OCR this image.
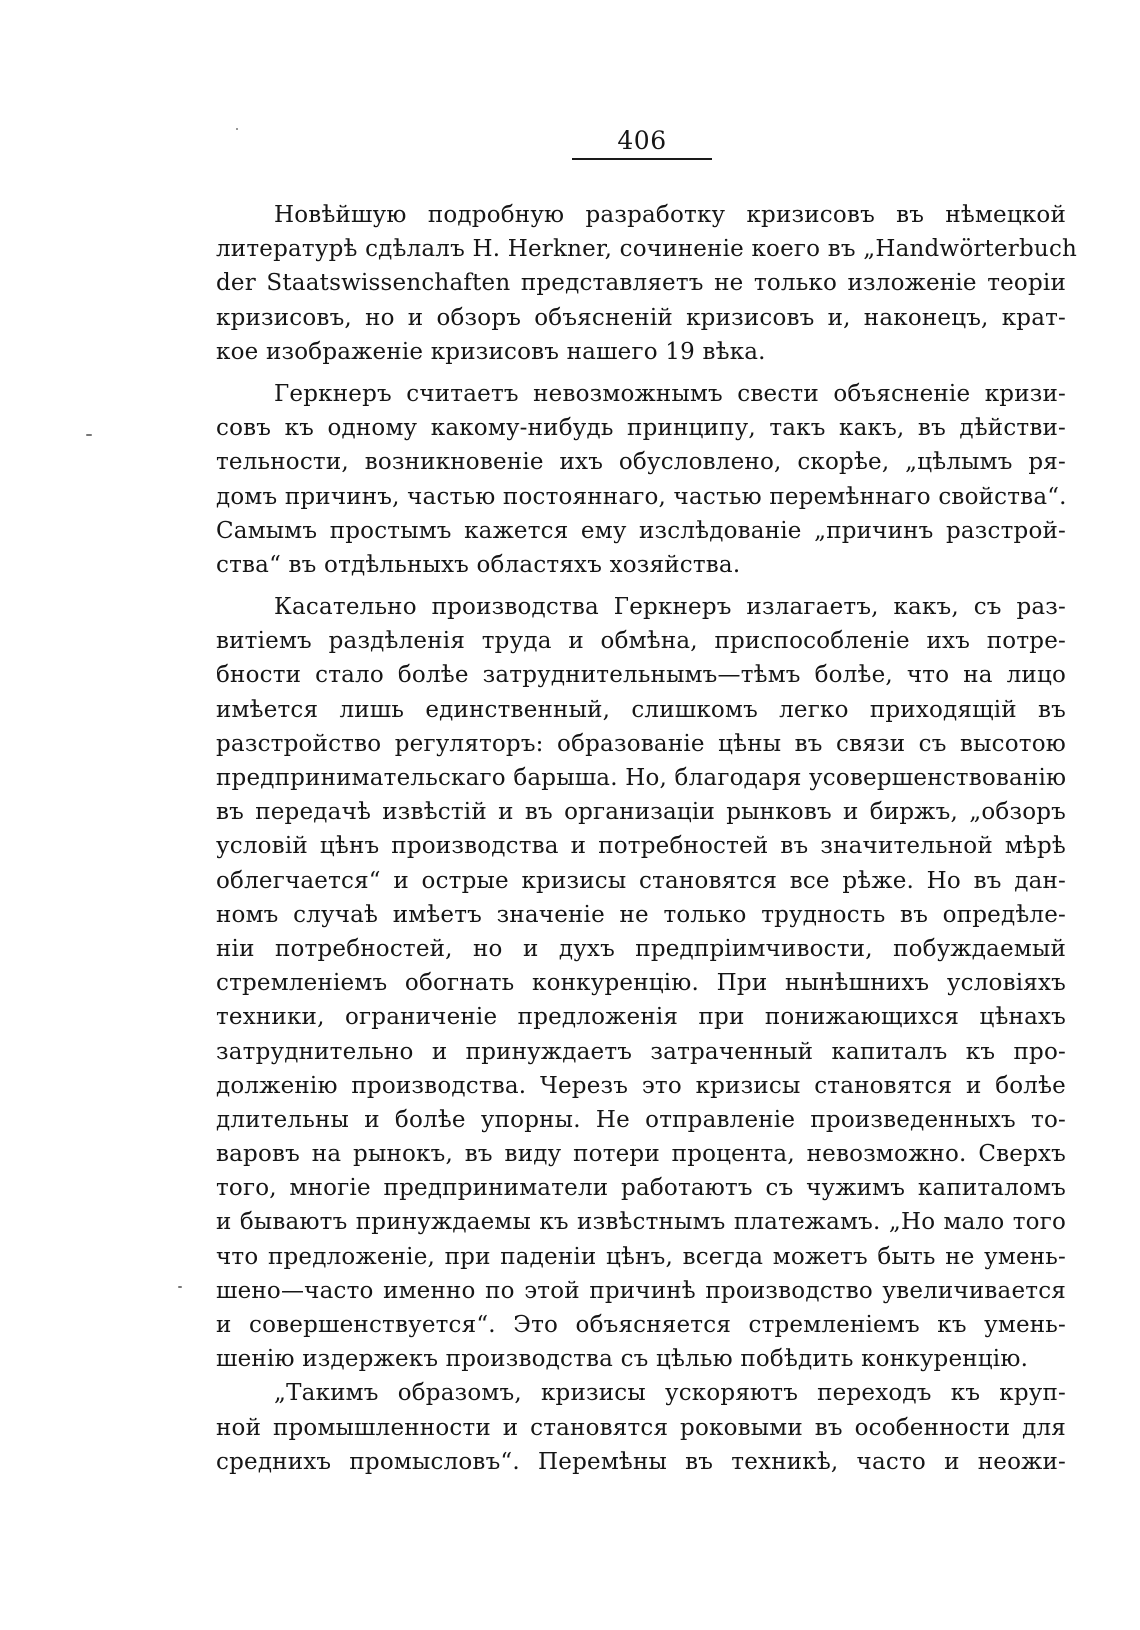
406
Новѣйшую подробную разработку кризисовъ въ нѣмецкой
литературѣ сдѣлалъ H. Herkner, сочиненіе коего въ „Handwörterbuch
der Staatswissenchaften представляетъ не только изложеніе теоріи
кризисовъ, но и обзоръ объясненій кризисовъ и, наконецъ, крат-
кое изображеніе кризисовъ нашего 19 вѣка.
Геркнеръ считаетъ невозможнымъ свести объясненіе кризи-
совъ къ одному какому-нибудь принципу, такъ какъ, въ дѣйстви-
тельности, возникновеніе ихъ обусловлено, скорѣе, „цѣлымъ ря-
домъ причинъ, частью постояннаго, частью перемѣннаго свойства“.
Самымъ простымъ кажется ему изслѣдованіе „причинъ разстрой-
ства“ въ отдѣльныхъ областяхъ хозяйства.
Касательно производства Геркнеръ излагаетъ, какъ, съ раз-
витіемъ раздѣленія труда и обмѣна, приспособленіе ихъ потре-
бности стало болѣе затруднительнымъ—тѣмъ болѣе, что на лицо
имѣется лишь единственный, слишкомъ легко приходящій въ
разстройство регуляторъ: образованіе цѣны въ связи съ высотою
предпринимательскаго барыша. Но, благодаря усовершенствованію
въ передачѣ извѣстій и въ организаціи рынковъ и биржъ, „обзоръ
условій цѣнъ производства и потребностей въ значительной мѣрѣ
облегчается“ и острые кризисы становятся все рѣже. Но въ дан-
номъ случаѣ имѣетъ значеніе не только трудность въ опредѣле-
ніи потребностей, но и духъ предпріимчивости, побуждаемый
стремленіемъ обогнать конкуренцію. При нынѣшнихъ условіяхъ
техники, ограниченіе предложенія при понижающихся цѣнахъ
затруднительно и принуждаетъ затраченный капиталъ къ про-
долженію производства. Черезъ это кризисы становятся и болѣе
длительны и болѣе упорны. Не отправленіе произведенныхъ то-
варовъ на рынокъ, въ виду потери процента, невозможно. Сверхъ
того, многіе предприниматели работаютъ съ чужимъ капиталомъ
и бываютъ принуждаемы къ извѣстнымъ платежамъ. „Но мало того
что предложеніе, при паденіи цѣнъ, всегда можетъ быть не умень-
шено—часто именно по этой причинѣ производство увеличивается
и совершенствуется“. Это объясняется стремленіемъ къ умень-
шенію издержекъ производства съ цѣлью побѣдить конкуренцію.
„Такимъ образомъ, кризисы ускоряютъ переходъ къ круп-
ной промышленности и становятся роковыми въ особенности для
среднихъ промысловъ“. Перемѣны въ техникѣ, часто и неожи-
